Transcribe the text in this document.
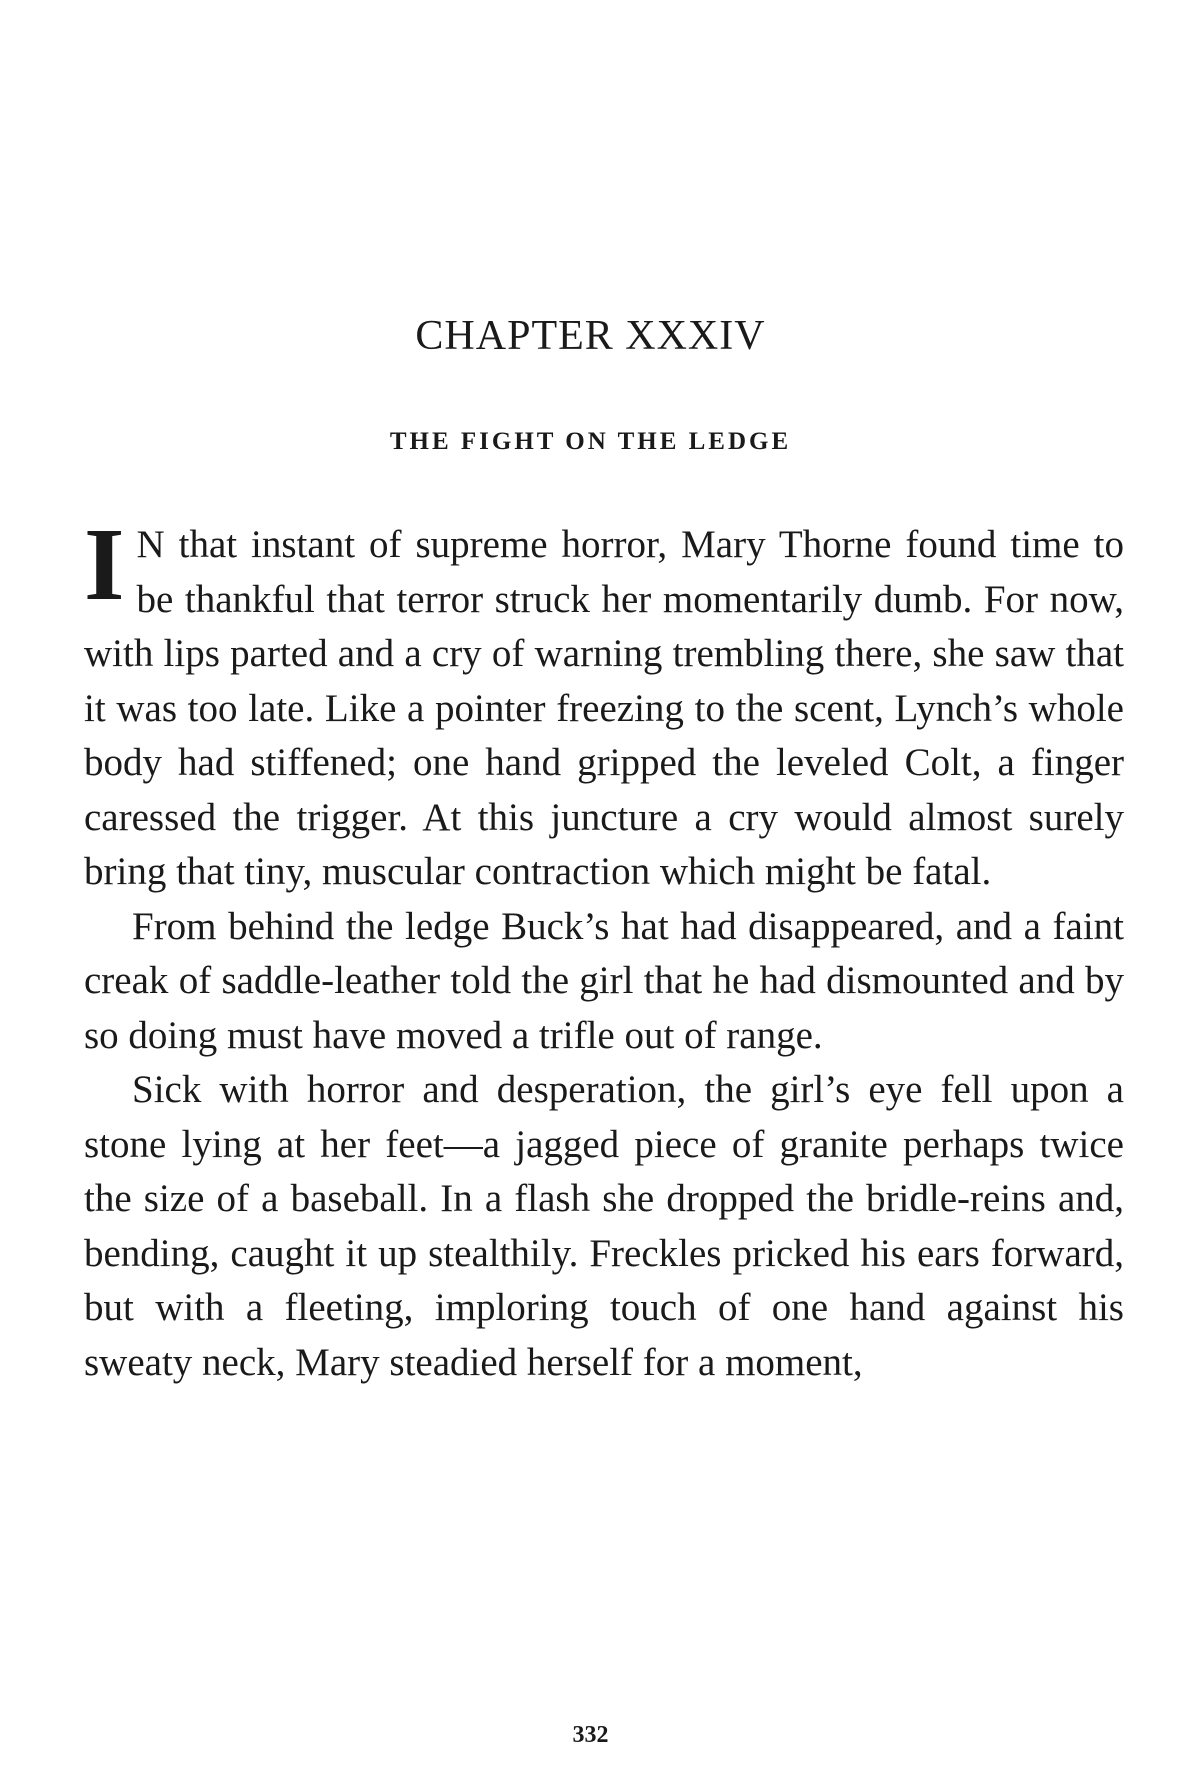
CHAPTER XXXIV
THE FIGHT ON THE LEDGE

I N that instant of supreme horror, Mary Thorne found time to be thankful that terror struck her momentarily dumb. For now, with lips parted and a cry of warning trembling there, she saw that it was too late. Like a pointer freezing to the scent, Lynch’s whole body had stiffened; one hand gripped the leveled Colt, a finger caressed the trigger. At this juncture a cry would almost surely bring that tiny, muscular contraction which might be fatal.

From behind the ledge Buck’s hat had disappeared, and a faint creak of saddle-leather told the girl that he had dismounted and by so doing must have moved a trifle out of range.

Sick with horror and desperation, the girl’s eye fell upon a stone lying at her feet—a jagged piece of granite perhaps twice the size of a baseball. In a flash she dropped the bridle-reins and, bending, caught it up stealthily. Freckles pricked his ears forward, but with a fleeting, imploring touch of one hand against his sweaty neck, Mary steadied herself for a moment,

332
